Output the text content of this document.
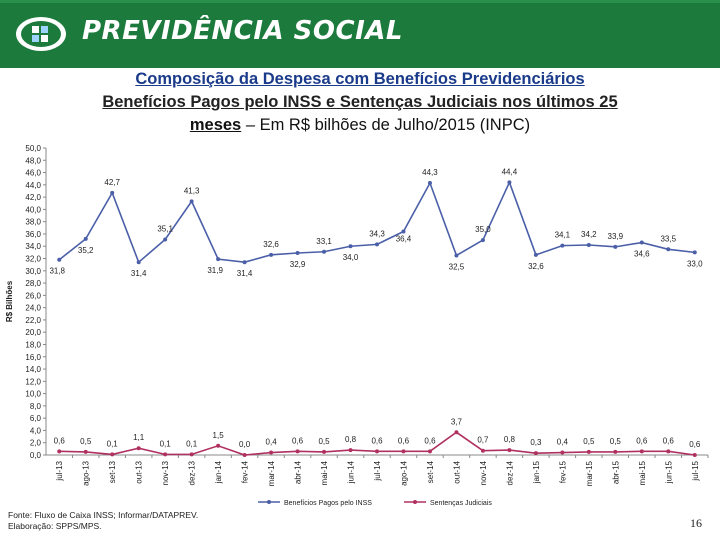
PREVIDÊNCIA SOCIAL
Composição da Despesa com Benefícios Previdenciários
Benefícios Pagos pelo INSS e Sentenças Judiciais nos últimos 25
meses – Em R$ bilhões de Julho/2015 (INPC)
0,0
2,0
4,0
6,0
8,0
10,0
12,0
14,0
16,0
18,0
20,0
22,0
24,0
26,0
28,0
30,0
32,0
34,0
36,0
38,0
40,0
42,0
44,0
46,0
48,0
50,0
R$ Bilhões
jul-13 ago-13 set-13 out-13 nov-13 dez-13 jan-14 fev-14 mar-14 abr-14 mai-14 jun-14 jul-14 ago-14 set-14 out-14 nov-14 dez-14 jan-15 fev-15 mar-15 abr-15 mai-15 jun-15 jul-15
31,8
35,2
42,7
31,4
35,1
41,3
31,9 31,4
32,6
32,9
33,1
34,0
34,3
36,4
44,3
32,5
35,0
44,4
32,6
34,1 34,2 33,9
34,6
33,5
33,0
0,6 0,5 0,1
1,1
0,1 0,1
1,5
0,0 0,4 0,6 0,5 0,8 0,6 0,6 0,6
3,7
0,7 0,8 0,3 0,4 0,5 0,5 0,6 0,6 0,6
Benefícios Pagos pelo INSS	Sentenças Judiciais
Fonte: Fluxo de Caixa INSS; Informar/DATAPREV.
Elaboração: SPPS/MPS.	16
